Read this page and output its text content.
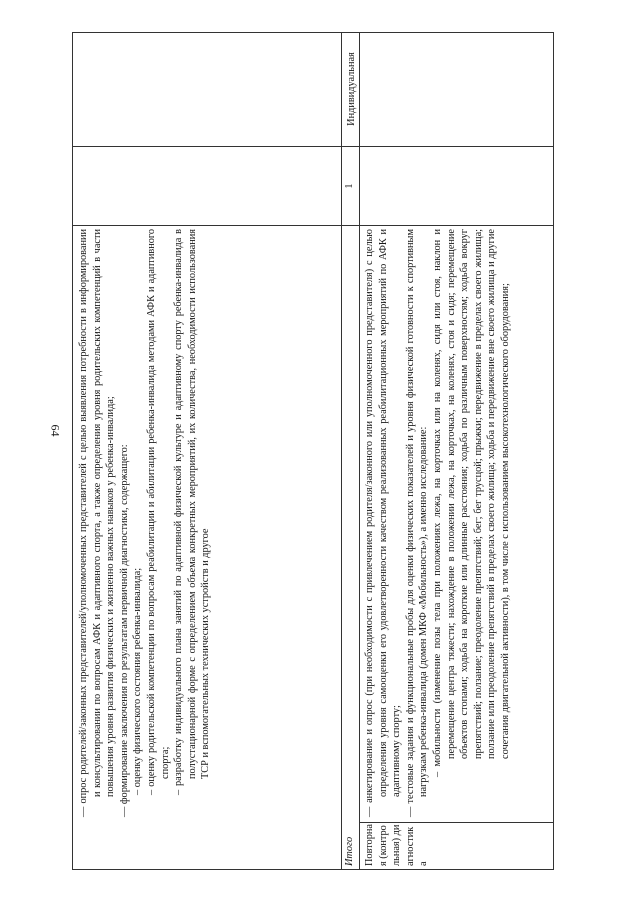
64 — опрос родителей/законных представителей/уполномоченных представителей с целью выявления потребности в информировании и консультировании по вопросам АФК и адаптивного спорта, а также определения уровня родительских компетенций в части повышения уровня развития физических и жизненно важных навыков у ребенка-инвалида; — формирование заключения по результатам первичной диагностики, содержащего: – оценку физического состояния ребенка-инвалида; – оценку родительской компетенции по вопросам реабилитации и абилитации ребенка-инвалида методами АФК и адаптивного спорта; – разработку индивидуального плана занятий по адаптивной физической культуре и адаптивному спорту ребенка-инвалида в полустационарной форме с определением объема конкретных мероприятий, их количества, необходимости использования ТСР и вспомогательных технических устройств и другое

Индивидуальная
Итого
1
Повторная (контрольная) диагностика

— анкетирование и опрос (при необходимости с привлечением родителя/законного или уполномоченного представителя) с целью определения уровня самооценки его удовлетворенности качеством реализованных реабилитационных мероприятий по АФК и адаптивному спорту; — тестовые задания и функциональные пробы для оценки физических показателей и уровня физической готовности к спортивным нагрузкам ребенка-инвалида (домен МКФ «Мобильность»), а именно исследование: – мобильности (изменение позы тела при положениях лежа, на корточках или на коленях, сидя или стоя, наклон и перемещение центра тяжести; нахождение в положении лежа, на корточках, на коленях, стоя и сидя; перемещение объектов стопами; ходьба на короткие или длинные расстояния; ходьба по различным поверхностям; ходьба вокруг препятствий; ползание; преодоление препятствий; бег; бег трусцой; прыжки; передвижение в пределах своего жилища; ползание или преодоление препятствий в пределах своего жилища; ходьба и передвижение вне своего жилища и другие сочетания двигательной активности), в том числе с использованием высокотехнологического оборудования;
